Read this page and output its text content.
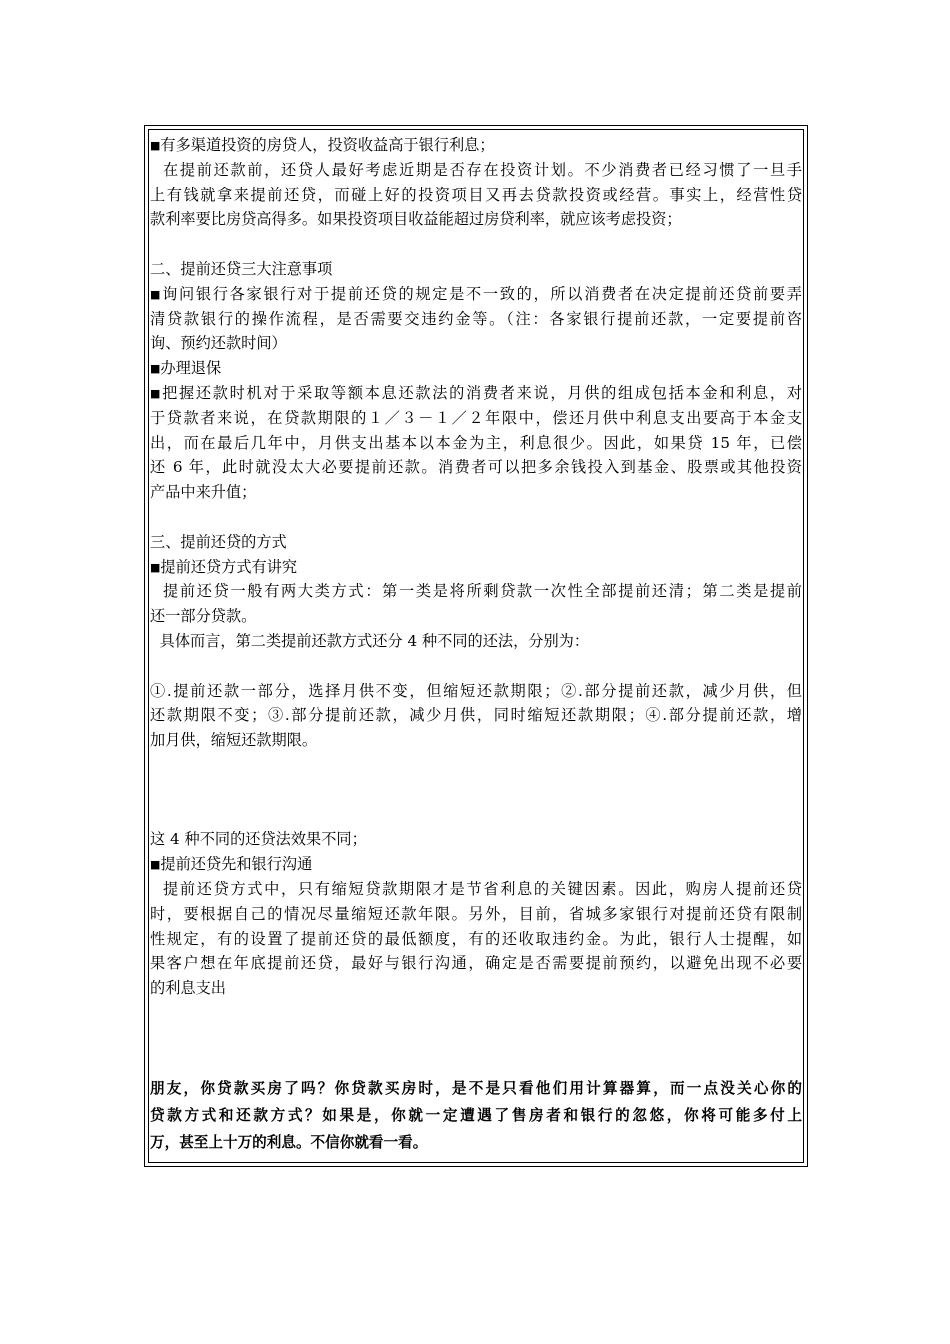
■有多渠道投资的房贷人，投资收益高于银行利息；
在提前还款前，还贷人最好考虑近期是否存在投资计划。不少消费者已经习惯了一旦手
上有钱就拿来提前还贷，而碰上好的投资项目又再去贷款投资或经营。事实上，经营性贷
款利率要比房贷高得多。如果投资项目收益能超过房贷利率，就应该考虑投资；
二、提前还贷三大注意事项
■询问银行各家银行对于提前还贷的规定是不一致的，所以消费者在决定提前还贷前要弄
清贷款银行的操作流程，是否需要交违约金等。（注：各家银行提前还款，一定要提前咨
询、预约还款时间）
■办理退保
■把握还款时机对于采取等额本息还款法的消费者来说，月供的组成包括本金和利息，对
于贷款者来说，在贷款期限的１／３－１／２年限中，偿还月供中利息支出要高于本金支
出，而在最后几年中，月供支出基本以本金为主，利息很少。因此，如果贷 15 年，已偿
还 6 年，此时就没太大必要提前还款。消费者可以把多余钱投入到基金、股票或其他投资
产品中来升值；
三、提前还贷的方式
■提前还贷方式有讲究
提前还贷一般有两大类方式：第一类是将所剩贷款一次性全部提前还清；第二类是提前
还一部分贷款。
具体而言，第二类提前还款方式还分 4 种不同的还法，分别为：
①.提前还款一部分，选择月供不变，但缩短还款期限；②.部分提前还款，减少月供，但
还款期限不变；③.部分提前还款，减少月供，同时缩短还款期限；④.部分提前还款，增
加月供，缩短还款期限。
这 4 种不同的还贷法效果不同；
■提前还贷先和银行沟通
提前还贷方式中，只有缩短贷款期限才是节省利息的关键因素。因此，购房人提前还贷
时，要根据自己的情况尽量缩短还款年限。另外，目前，省城多家银行对提前还贷有限制
性规定，有的设置了提前还贷的最低额度，有的还收取违约金。为此，银行人士提醒，如
果客户想在年底提前还贷，最好与银行沟通，确定是否需要提前预约，以避免出现不必要
的利息支出
朋友，你贷款买房了吗？你贷款买房时，是不是只看他们用计算器算，而一点没关心你的
贷款方式和还款方式？如果是，你就一定遭遇了售房者和银行的忽悠，你将可能多付上
万，甚至上十万的利息。不信你就看一看。
